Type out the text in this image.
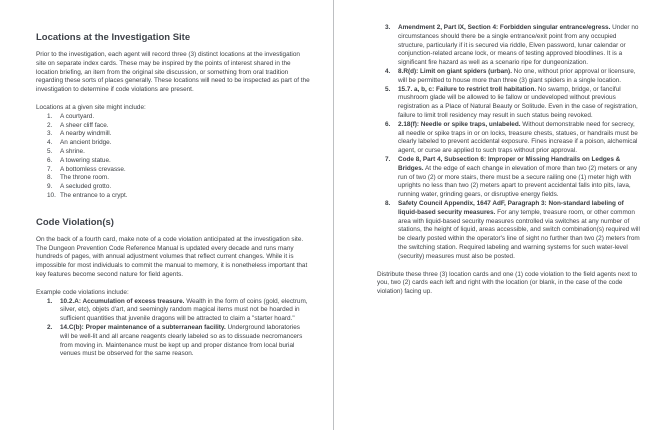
Locations at the Investigation Site

Prior to the investigation, each agent will record three (3) distinct locations at the investigation site on separate index cards. These may be inspired by the points of interest shared in the location briefing, an item from the original site discussion, or something from oral tradition regarding these sorts of places generally. These locations will need to be inspected as part of the investigation to determine if code violations are present.

Locations at a given site might include:

1.	A courtyard.
2.	A sheer cliff face.
3.	A nearby windmill.
4.	An ancient bridge.
5.	A shrine.
6.	A towering statue.
7.	A bottomless crevasse.
8.	The throne room.
9.	A secluded grotto.
10. The entrance to a crypt.
Code Violation(s)

On the back of a fourth card, make note of a code violation anticipated at the investigation site. The Dungeon Prevention Code Reference Manual is updated every decade and runs many hundreds of pages, with annual adjustment volumes that reflect current changes. While it is impossible for most individuals to commit the manual to memory, it is nonetheless important that key features become second nature for field agents.

Example code violations include:

1.	10.2.A: Accumulation of excess treasure. Wealth in the form of coins (gold, electrum, silver, etc), objets d'art, and seemingly random magical items must not be hoarded in sufficient quantities that juvenile dragons will be attracted to claim a "starter hoard."
2.	14.C(b): Proper maintenance of a subterranean facility. Underground laboratories will be well-lit and all arcane reagents clearly labeled so as to dissuade necromancers from moving in. Maintenance must be kept up and proper distance from local burial venues must be observed for the same reason.
3.	Amendment 2, Part IX, Section 4: Forbidden singular entrance/egress. Under no circumstances should there be a single entrance/exit point from any occupied structure, particularly if it is secured via riddle, Elven password, lunar calendar or conjunction-related arcane lock, or means of testing approved bloodlines. It is a significant fire hazard as well as a scenario ripe for dungeonization.
4.	8.R(d): Limit on giant spiders (urban). No one, without prior approval or licensure, will be permitted to house more than three (3) giant spiders in a single location.
5.	15.7. a, b, c: Failure to restrict troll habitation. No swamp, bridge, or fanciful mushroom glade will be allowed to lie fallow or undeveloped without previous registration as a Place of Natural Beauty or Solitude. Even in the case of registration, failure to limit troll residency may result in such status being revoked.
6.	2.18(f): Needle or spike traps, unlabeled. Without demonstrable need for secrecy, all needle or spike traps in or on locks, treasure chests, statues, or handrails must be clearly labeled to prevent accidental exposure. Fines increase if a poison, alchemical agent, or curse are applied to such traps without prior approval.
7.	Code 8, Part 4, Subsection 6: Improper or Missing Handrails on Ledges & Bridges. At the edge of each change in elevation of more than two (2) meters or any run of two (2) or more stairs, there must be a secure railing one (1) meter high with uprights no less than two (2) meters apart to prevent accidental falls into pits, lava, running water, grinding gears, or disruptive energy fields.
8.	Safety Council Appendix, 1647 AdF, Paragraph 3: Non-standard labeling of liquid-based security measures. For any temple, treasure room, or other common area with liquid-based security measures controlled via switches at any number of stations, the height of liquid, areas accessible, and switch combination(s) required will be clearly posted within the operator's line of sight no further than two (2) meters from the switching station. Required labeling and warning systems for such water-level (security) measures must also be posted.

Distribute these three (3) location cards and one (1) code violation to the field agents next to you, two (2) cards each left and right with the location (or blank, in the case of the code violation) facing up.
